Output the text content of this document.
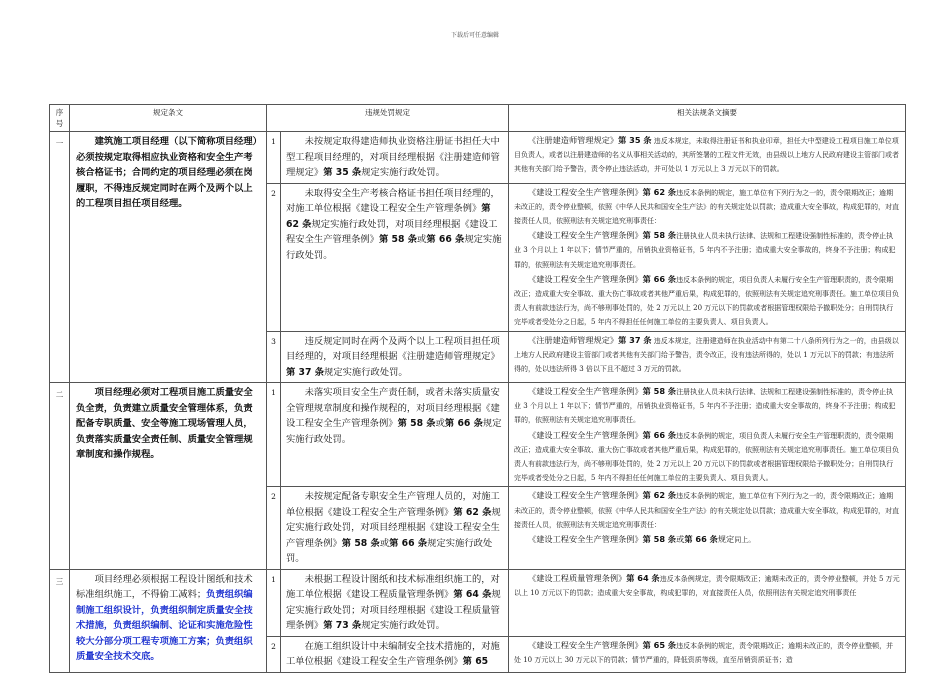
下载后可任意编辑
序号	规定条文	违规处罚规定		相关法规条文摘要
一	建筑施工项目经理（以下简称项目经理）必须按规定取得相应执业资格和安全生产考核合格证书；合同约定的项目经理必须在岗履职，不得违反规定同时在两个及两个以上的工程项目担任项目经理。	1	未按规定取得建造师执业资格注册证书担任大中型工程项目经理的，对项目经理根据《注册建造师管理规定》第 35 条规定实施行政处罚。	《注册建造师管理规定》第 35 条 违反本规定，未取得注册证书和执业印章，担任大中型建设工程项目施工单位项目负责人，或者以注册建造师的名义从事相关活动的，其所签署的工程文件无效，由县级以上地方人民政府建设主管部门或者其他有关部门给予警告，责令停止违法活动，并可处以 1 万元以上 3 万元以下的罚款。

		2	未取得安全生产考核合格证书担任项目经理的，对施工单位根据《建设工程安全生产管理条例》第 62 条规定实施行政处罚，对项目经理根据《建设工程安全生产管理条例》第 58 条或第 66 条规定实施行政处罚。	《建设工程安全生产管理条例》第 62 条违反本条例的规定，施工单位有下列行为之一的，责令限期改正；逾期未改正的，责令停业整顿，依照《中华人民共和国安全生产法》的有关规定处以罚款；造成重大安全事故，构成犯罪的，对直接责任人员，依照刑法有关规定追究刑事责任：

《建设工程安全生产管理条例》第 58 条注册执业人员未执行法律、法规和工程建设强制性标准的，责令停止执业 3 个月以上 1 年以下；情节严重的，吊销执业资格证书，5 年内不予注册；造成重大安全事故的，终身不予注册；构成犯罪的，依照刑法有关规定追究刑事责任。

《建设工程安全生产管理条例》第 66 条违反本条例的规定，项目负责人未履行安全生产管理职责的，责令限期改正；造成重大安全事故、重大伤亡事故或者其他严重后果，构成犯罪的，依照刑法有关规定追究刑事责任。施工单位项目负责人有前款违法行为，尚不够刑事处罚的，处 2 万元以上 20 万元以下的罚款或者根据管理权限给予撤职处分；自刑罚执行完毕或者受处分之日起，5 年内不得担任任何施工单位的主要负责人、项目负责人。

		3	违反规定同时在两个及两个以上工程项目担任项目经理的，对项目经理根据《注册建造师管理规定》第 37 条规定实施行政处罚。	《注册建造师管理规定》第 37 条 违反本规定，注册建造师在执业活动中有第二十八条所列行为之一的，由县级以上地方人民政府建设主管部门或者其他有关部门给予警告，责令改正，没有违法所得的，处以 1 万元以下的罚款；有违法所得的，处以违法所得 3 倍以下且不超过 3 万元的罚款。

二	项目经理必须对工程项目施工质量安全负全责，负责建立质量安全管理体系，负责配备专职质量、安全等施工现场管理人员，负责落实质量安全责任制、质量安全管理规章制度和操作规程。	1	未落实项目安全生产责任制，或者未落实质量安全管理规章制度和操作规程的，对项目经理根据《建设工程安全生产管理条例》第 58 条或第 66 条规定实施行政处罚。	《建设工程安全生产管理条例》第 58 条注册执业人员未执行法律、法规和工程建设强制性标准的，责令停止执业 3 个月以上 1 年以下；情节严重的，吊销执业资格证书，5 年内不予注册；造成重大安全事故的，终身不予注册；构成犯罪的，依照刑法有关规定追究刑事责任。

《建设工程安全生产管理条例》第 66 条违反本条例的规定，项目负责人未履行安全生产管理职责的，责令限期改正；造成重大安全事故、重大伤亡事故或者其他严重后果，构成犯罪的，依照刑法有关规定追究刑事责任。施工单位项目负责人有前款违法行为，尚不够刑事处罚的，处 2 万元以上 20 万元以下的罚款或者根据管理权限给予撤职处分；自刑罚执行完毕或者受处分之日起，5 年内不得担任任何施工单位的主要负责人、项目负责人。

		2	未按规定配备专职安全生产管理人员的，对施工单位根据《建设工程安全生产管理条例》第 62 条规定实施行政处罚，对项目经理根据《建设工程安全生产管理条例》第 58 条或第 66 条规定实施行政处罚。	《建设工程安全生产管理条例》第 62 条违反本条例的规定，施工单位有下列行为之一的，责令限期改正；逾期未改正的，责令停业整顿，依照《中华人民共和国安全生产法》的有关规定处以罚款；造成重大安全事故，构成犯罪的，对直接责任人员，依照刑法有关规定追究刑事责任：

《建设工程安全生产管理条例》第 58 条或第 66 条规定同上。

三	项目经理必须根据工程设计图纸和技术标准组织施工，不得偷工减料；负责组织编制施工组织设计，负责组织制定质量安全技术措施，负责组织编制、论证和实施危险性较大分部分项工程专项施工方案；负责组织质量安全技术交底。	1	未根据工程设计图纸和技术标准组织施工的，对施工单位根据《建设工程质量管理条例》第 64 条规定实施行政处罚；对项目经理根据《建设工程质量管理条例》第 73 条规定实施行政处罚。	《建设工程质量管理条例》第 64 条违反本条例规定，责令限期改正；逾期未改正的，责令停业整顿，并处 5 万元以上 10 万元以下的罚款；造成重大安全事故，构成犯罪的，对直接责任人员，依照刑法有关规定追究刑事责任

		2	在施工组织设计中未编制安全技术措施的，对施工单位根据《建设工程安全生产管理条例》第 65	《建设工程安全生产管理条例》第 65 条违反本条例的规定，责令限期改正；逾期未改正的，责令停业整顿，并处 10 万元以上 30 万元以下的罚款；情节严重的，降低资质等级，直至吊销资质证书；造
